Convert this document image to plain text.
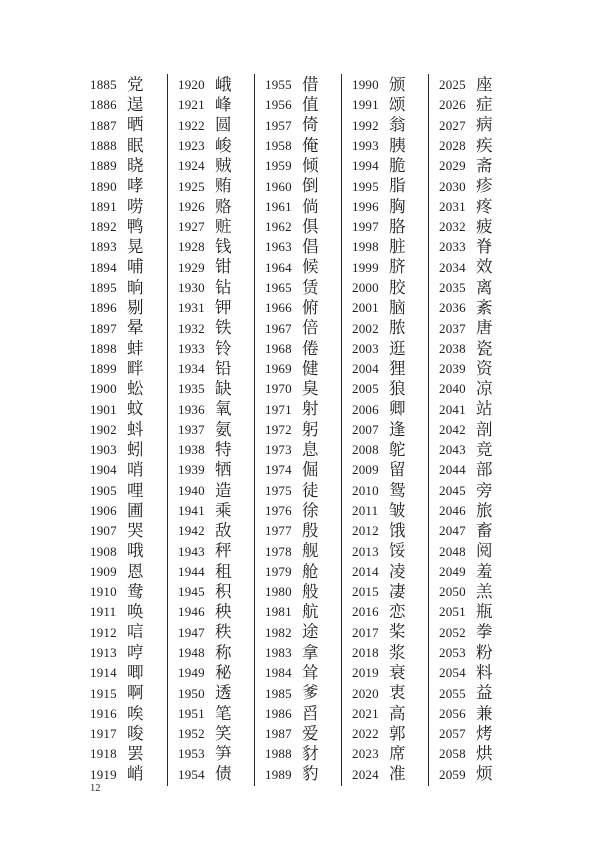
1885 党
1886 逞
1887 晒
1888 眠
1889 晓
1890 哮
1891 唠
1892 鸭
1893 晃
1894 哺
1895 晌
1896 剔
1897 晕
1898 蚌
1899 畔
1900 蚣
1901 蚊
1902 蚪
1903 蚓
1904 哨
1905 哩
1906 圃
1907 哭
1908 哦
1909 恩
1910 鸯
1911 唤
1912 唁
1913 哼
1914 唧
1915 啊
1916 唉
1917 唆
1918 罢
1919 峭
1920 峨
1921 峰
1922 圆
1923 峻
1924 贼
1925 贿
1926 赂
1927 赃
1928 钱
1929 钳
1930 钻
1931 钾
1932 铁
1933 铃
1934 铅
1935 缺
1936 氧
1937 氨
1938 特
1939 牺
1940 造
1941 乘
1942 敌
1943 秤
1944 租
1945 积
1946 秧
1947 秩
1948 称
1949 秘
1950 透
1951 笔
1952 笑
1953 笋
1954 债
1955 借
1956 值
1957 倚
1958 俺
1959 倾
1960 倒
1961 倘
1962 俱
1963 倡
1964 候
1965 赁
1966 俯
1967 倍
1968 倦
1969 健
1970 臭
1971 射
1972 躬
1973 息
1974 倔
1975 徒
1976 徐
1977 殷
1978 舰
1979 舱
1980 般
1981 航
1982 途
1983 拿
1984 耸
1985 爹
1986 舀
1987 爱
1988 豺
1989 豹
1990 颁
1991 颂
1992 翁
1993 胰
1994 脆
1995 脂
1996 胸
1997 胳
1998 脏
1999 脐
2000 胶
2001 脑
2002 脓
2003 逛
2004 狸
2005 狼
2006 卿
2007 逢
2008 鸵
2009 留
2010 鸳
2011 皱
2012 饿
2013 馁
2014 凌
2015 凄
2016 恋
2017 桨
2018 浆
2019 衰
2020 衷
2021 高
2022 郭
2023 席
2024 准
2025 座
2026 症
2027 病
2028 疾
2029 斋
2030 疹
2031 疼
2032 疲
2033 脊
2034 效
2035 离
2036 紊
2037 唐
2038 瓷
2039 资
2040 凉
2041 站
2042 剖
2043 竞
2044 部
2045 旁
2046 旅
2047 畜
2048 阅
2049 羞
2050 羔
2051 瓶
2052 拳
2053 粉
2054 料
2055 益
2056 兼
2057 烤
2058 烘
2059 烦
12
